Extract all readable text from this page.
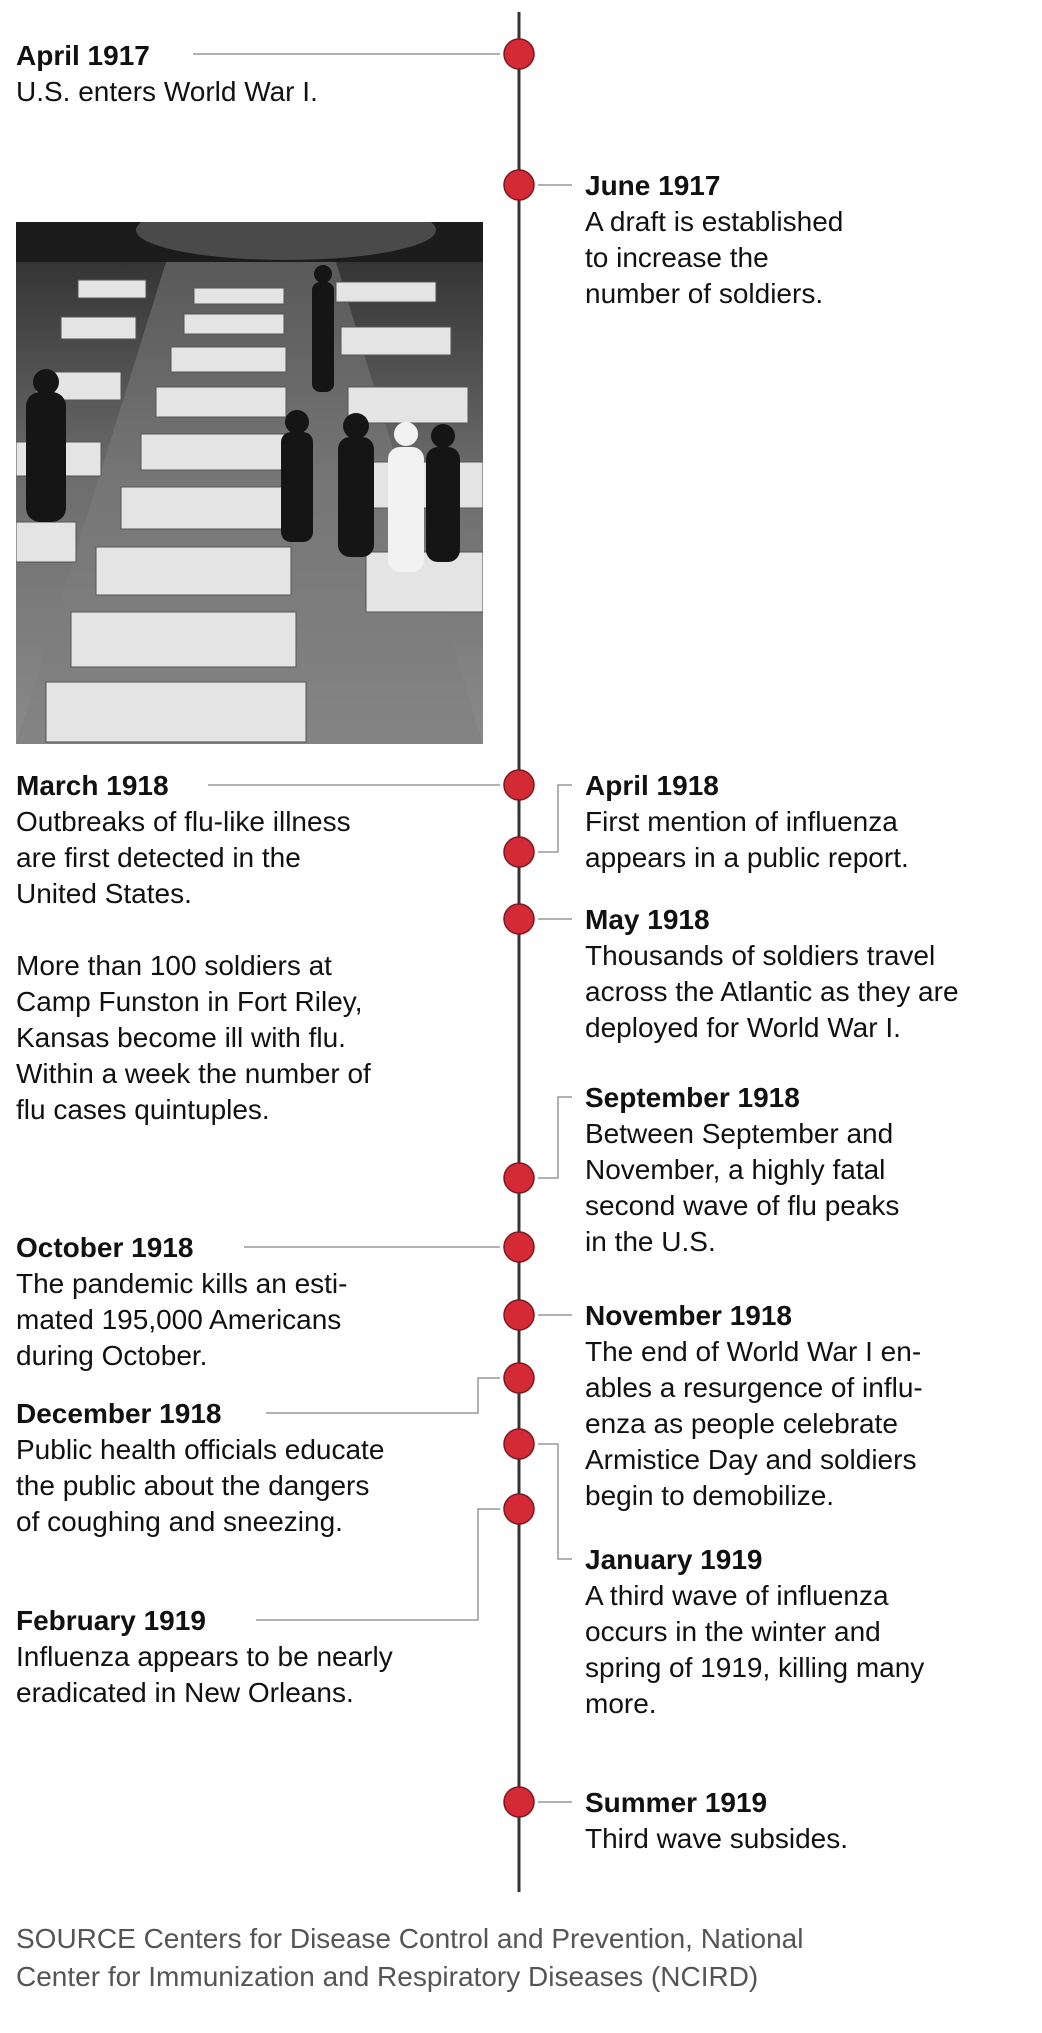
April 1917
U.S. enters World War I.
June 1917
A draft is established
to increase the
number of soldiers.
March 1918
Outbreaks of flu-like illness
are first detected in the
United States.
More than 100 soldiers at
Camp Funston in Fort Riley,
Kansas become ill with flu.
Within a week the number of
flu cases quintuples.
April 1918
First mention of influenza
appears in a public report.
May 1918
Thousands of soldiers travel
across the Atlantic as they are
deployed for World War I.
September 1918
Between September and
November, a highly fatal
second wave of flu peaks
in the U.S.
October 1918
The pandemic kills an esti-
mated 195,000 Americans
during October.
November 1918
The end of World War I en-
ables a resurgence of influ-
enza as people celebrate
Armistice Day and soldiers
begin to demobilize.
December 1918
Public health officials educate
the public about the dangers
of coughing and sneezing.
January 1919
A third wave of influenza
occurs in the winter and
spring of 1919, killing many
more.
February 1919
Influenza appears to be nearly
eradicated in New Orleans.
Summer 1919
Third wave subsides.
SOURCE Centers for Disease Control and Prevention, National
Center for Immunization and Respiratory Diseases (NCIRD)
